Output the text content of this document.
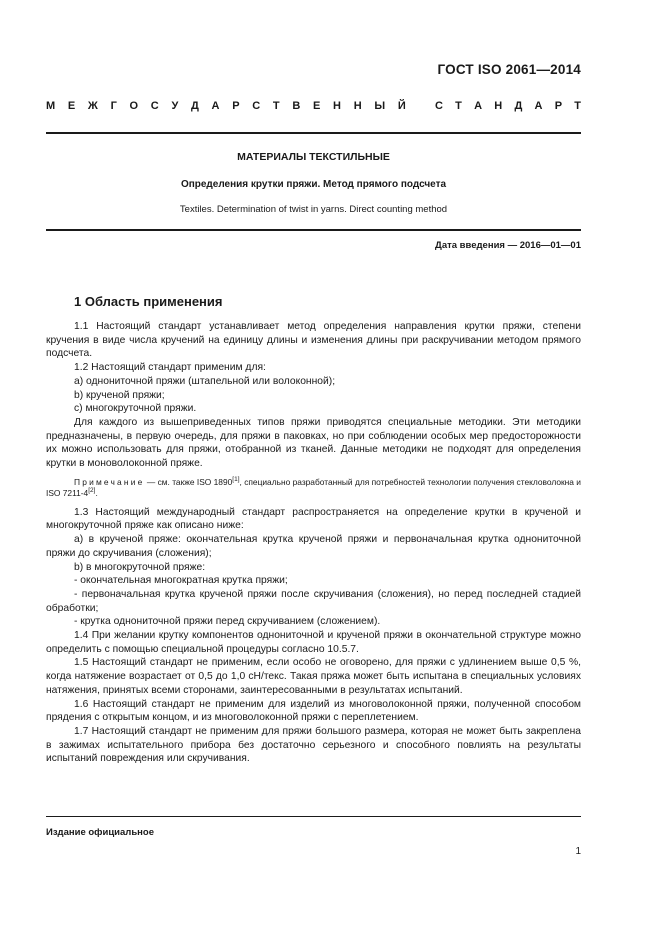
ГОСТ ISO 2061—2014
М Е Ж Г О С У Д А Р С Т В Е Н Н Ы Й	С Т А Н Д А Р Т
МАТЕРИАЛЫ ТЕКСТИЛЬНЫЕ
Определения крутки пряжи. Метод прямого подсчета
Textiles. Determination of twist in yarns. Direct counting method
Дата введения — 2016—01—01
1 Область применения

1.1 Настоящий стандарт устанавливает метод определения направления крутки пряжи, степени кручения в виде числа кручений на единицу длины и изменения длины при раскручивании методом прямого подсчета.

1.2 Настоящий стандарт применим для:

а) однониточной пряжи (штапельной или волоконной);

b) крученой пряжи;

с) многокруточной пряжи.

Для каждого из вышеприведенных типов пряжи приводятся специальные методики. Эти методики предназначены, в первую очередь, для пряжи в паковках, но при соблюдении особых мер предосторожности их можно использовать для пряжи, отобранной из тканей. Данные методики не подходят для определения крутки в моноволоконной пряже.

Примечание — см. также ISO 1890[1], специально разработанный для потребностей технологии получения стекловолокна и ISO 7211-4[2].

1.3 Настоящий международный стандарт распространяется на определение крутки в крученой и многокруточной пряже как описано ниже:

а) в крученой пряже: окончательная крутка крученой пряжи и первоначальная крутка однониточной пряжи до скручивания (сложения);

b) в многокруточной пряже:

- окончательная многократная крутка пряжи;

- первоначальная крутка крученой пряжи после скручивания (сложения), но перед последней стадией обработки;

- крутка однониточной пряжи перед скручиванием (сложением).

1.4 При желании крутку компонентов однониточной и крученой пряжи в окончательной структуре можно определить с помощью специальной процедуры согласно 10.5.7.

1.5 Настоящий стандарт не применим, если особо не оговорено, для пряжи с удлинением выше 0,5 %, когда натяжение возрастает от 0,5 до 1,0 сН/текс. Такая пряжа может быть испытана в специальных условиях натяжения, принятых всеми сторонами, заинтересованными в результатах испытаний.

1.6 Настоящий стандарт не применим для изделий из многоволоконной пряжи, полученной способом прядения с открытым концом, и из многоволоконной пряжи с переплетением.

1.7 Настоящий стандарт не применим для пряжи большого размера, которая не может быть закреплена в зажимах испытательного прибора без достаточно серьезного и способного повлиять на результаты испытаний повреждения или скручивания.

Издание официальное
1
